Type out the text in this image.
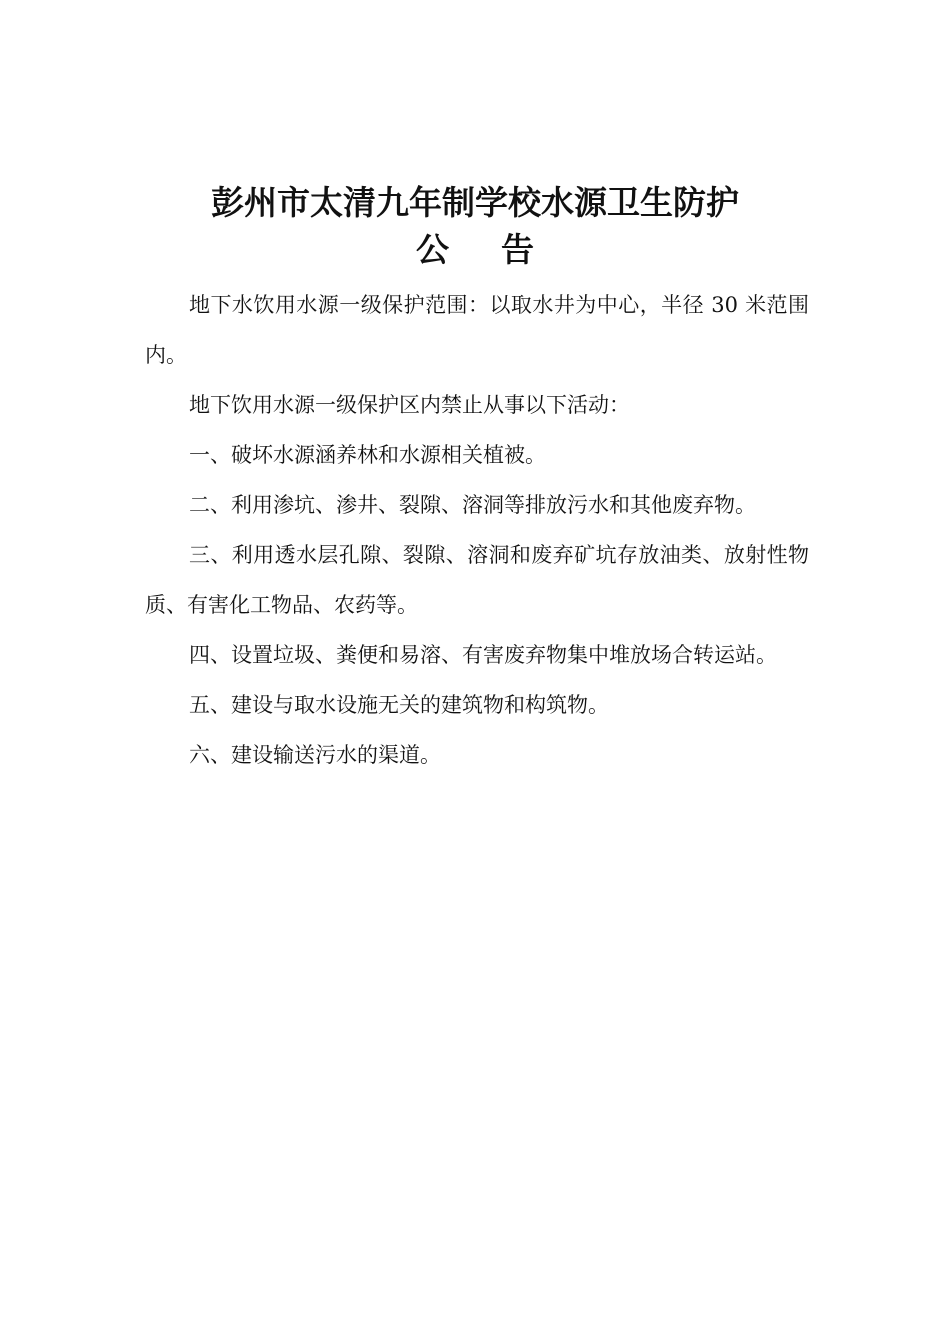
彭州市太清九年制学校水源卫生防护
公告

地下水饮用水源一级保护范围：以取水井为中心，半径 30 米范围内。

地下饮用水源一级保护区内禁止从事以下活动：

一、破坏水源涵养林和水源相关植被。

二、利用渗坑、渗井、裂隙、溶洞等排放污水和其他废弃物。

三、利用透水层孔隙、裂隙、溶洞和废弃矿坑存放油类、放射性物质、有害化工物品、农药等。

四、设置垃圾、粪便和易溶、有害废弃物集中堆放场合转运站。

五、建设与取水设施无关的建筑物和构筑物。

六、建设输送污水的渠道。
